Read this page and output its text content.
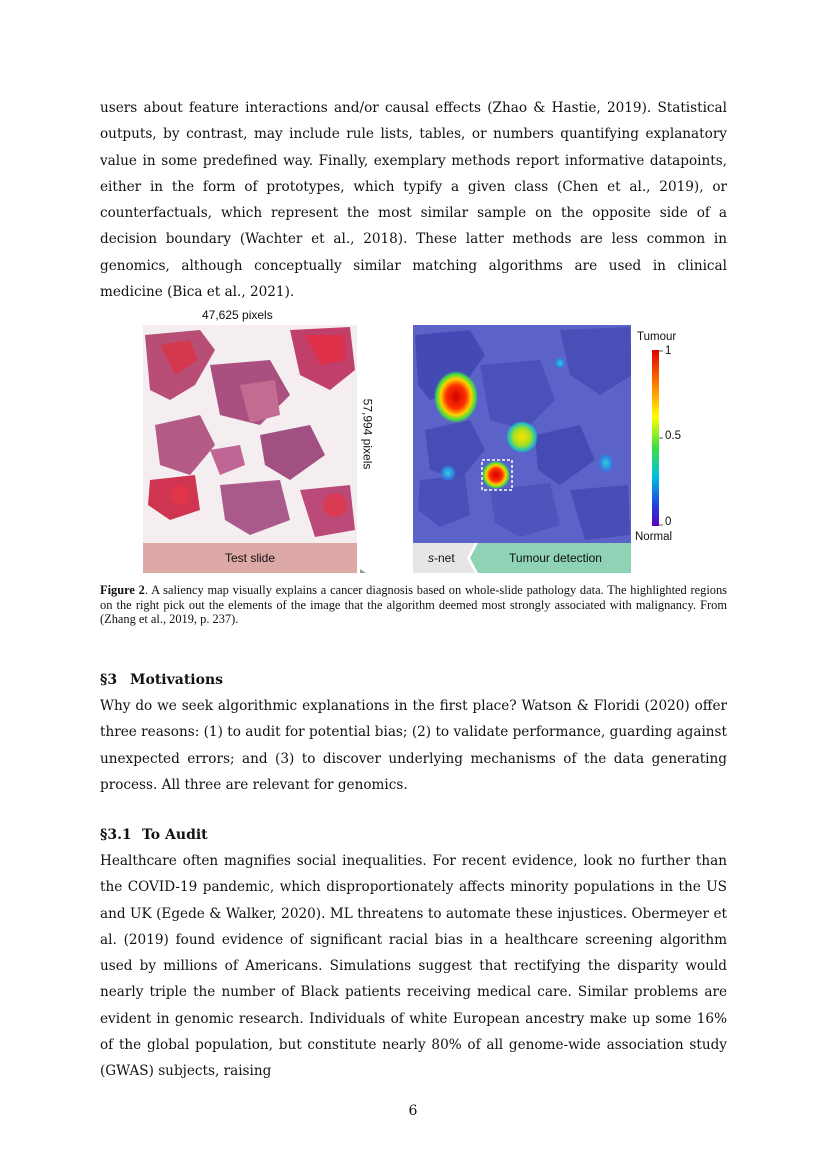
users about feature interactions and/or causal effects (Zhao & Hastie, 2019). Statistical outputs, by contrast, may include rule lists, tables, or numbers quantifying explanatory value in some predefined way. Finally, exemplary methods report informative datapoints, either in the form of prototypes, which typify a given class (Chen et al., 2019), or counterfactuals, which represent the most similar sample on the opposite side of a decision boundary (Wachter et al., 2018). These latter methods are less common in genomics, although conceptually similar matching algorithms are used in clinical medicine (Bica et al., 2021).

47,625 pixels
57,994 pixels
Test slide	s-net	Tumour detection
Tumour
1
0.5
0
Normal

Figure 2. A saliency map visually explains a cancer diagnosis based on whole-slide pathology data. The highlighted regions on the right pick out the elements of the image that the algorithm deemed most strongly associated with malignancy. From (Zhang et al., 2019, p. 237).

§3 Motivations

Why do we seek algorithmic explanations in the first place? Watson & Floridi (2020) offer three reasons: (1) to audit for potential bias; (2) to validate performance, guarding against unexpected errors; and (3) to discover underlying mechanisms of the data generating process. All three are relevant for genomics.

§3.1 To Audit

Healthcare often magnifies social inequalities. For recent evidence, look no further than the COVID-19 pandemic, which disproportionately affects minority populations in the US and UK (Egede & Walker, 2020). ML threatens to automate these injustices. Obermeyer et al. (2019) found evidence of significant racial bias in a healthcare screening algorithm used by millions of Americans. Simulations suggest that rectifying the disparity would nearly triple the number of Black patients receiving medical care. Similar problems are evident in genomic research. Individuals of white European ancestry make up some 16% of the global population, but constitute nearly 80% of all genome-wide association study (GWAS) subjects, raising

6
